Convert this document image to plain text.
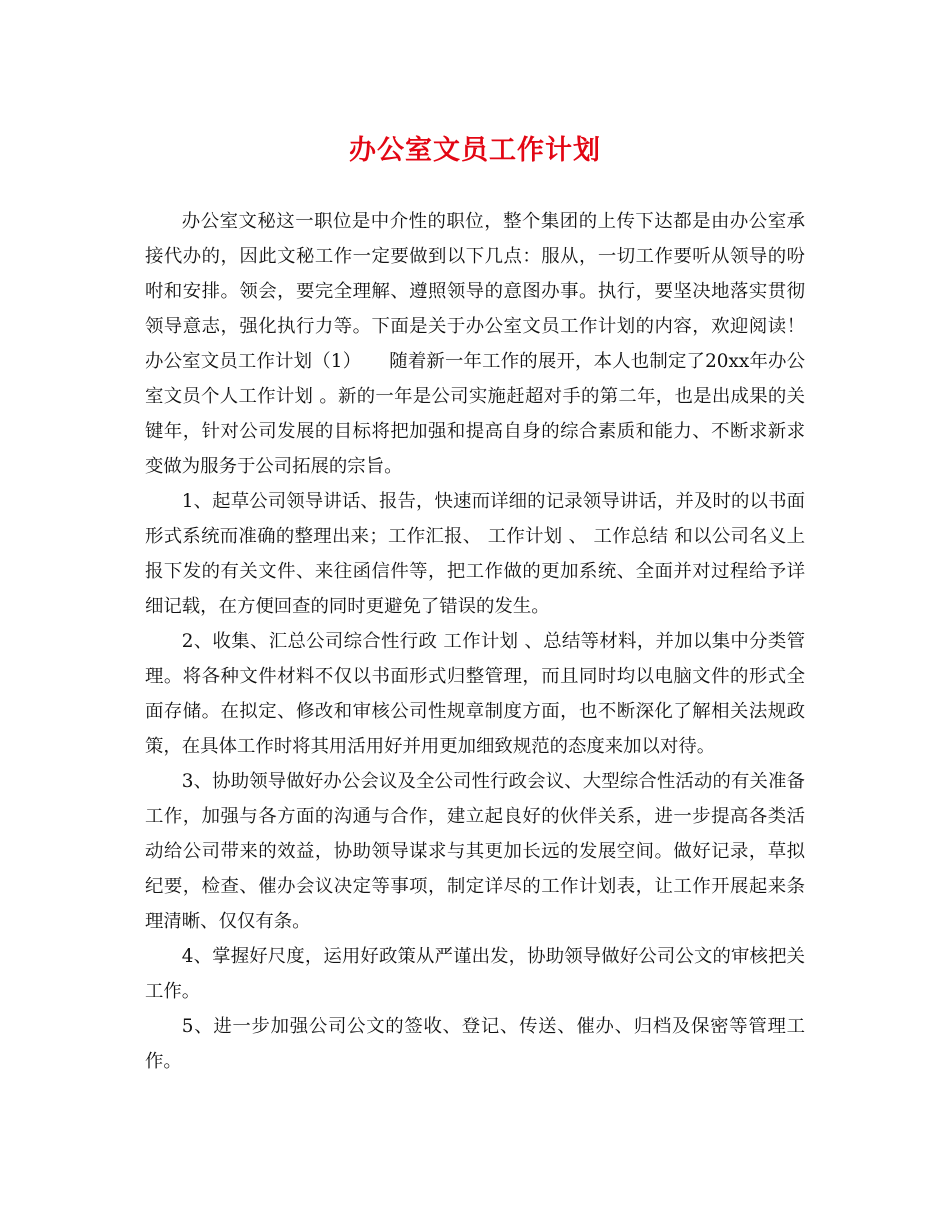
办公室文员工作计划

办公室文秘这一职位是中介性的职位，整个集团的上传下达都是由办公室承接代办的，因此文秘工作一定要做到以下几点：服从，一切工作要听从领导的吩咐和安排。领会，要完全理解、遵照领导的意图办事。执行，要坚决地落实贯彻领导意志，强化执行力等。下面是关于办公室文员工作计划的内容，欢迎阅读！办公室文员工作计划（1）　　随着新一年工作的展开，本人也制定了20xx年办公室文员个人工作计划 。新的一年是公司实施赶超对手的第二年，也是出成果的关键年，针对公司发展的目标将把加强和提高自身的综合素质和能力、不断求新求变做为服务于公司拓展的宗旨。

1、起草公司领导讲话、报告，快速而详细的记录领导讲话，并及时的以书面形式系统而准确的整理出来；工作汇报、 工作计划 、 工作总结 和以公司名义上报下发的有关文件、来往函信件等，把工作做的更加系统、全面并对过程给予详细记载，在方便回查的同时更避免了错误的发生。

2、收集、汇总公司综合性行政 工作计划 、总结等材料，并加以集中分类管理。将各种文件材料不仅以书面形式归整管理，而且同时均以电脑文件的形式全面存储。在拟定、修改和审核公司性规章制度方面，也不断深化了解相关法规政策，在具体工作时将其用活用好并用更加细致规范的态度来加以对待。

3、协助领导做好办公会议及全公司性行政会议、大型综合性活动的有关准备工作，加强与各方面的沟通与合作，建立起良好的伙伴关系，进一步提高各类活动给公司带来的效益，协助领导谋求与其更加长远的发展空间。做好记录，草拟纪要，检查、催办会议决定等事项，制定详尽的工作计划表，让工作开展起来条理清晰、仅仅有条。

4、掌握好尺度，运用好政策从严谨出发，协助领导做好公司公文的审核把关工作。

5、进一步加强公司公文的签收、登记、传送、催办、归档及保密等管理工作。
